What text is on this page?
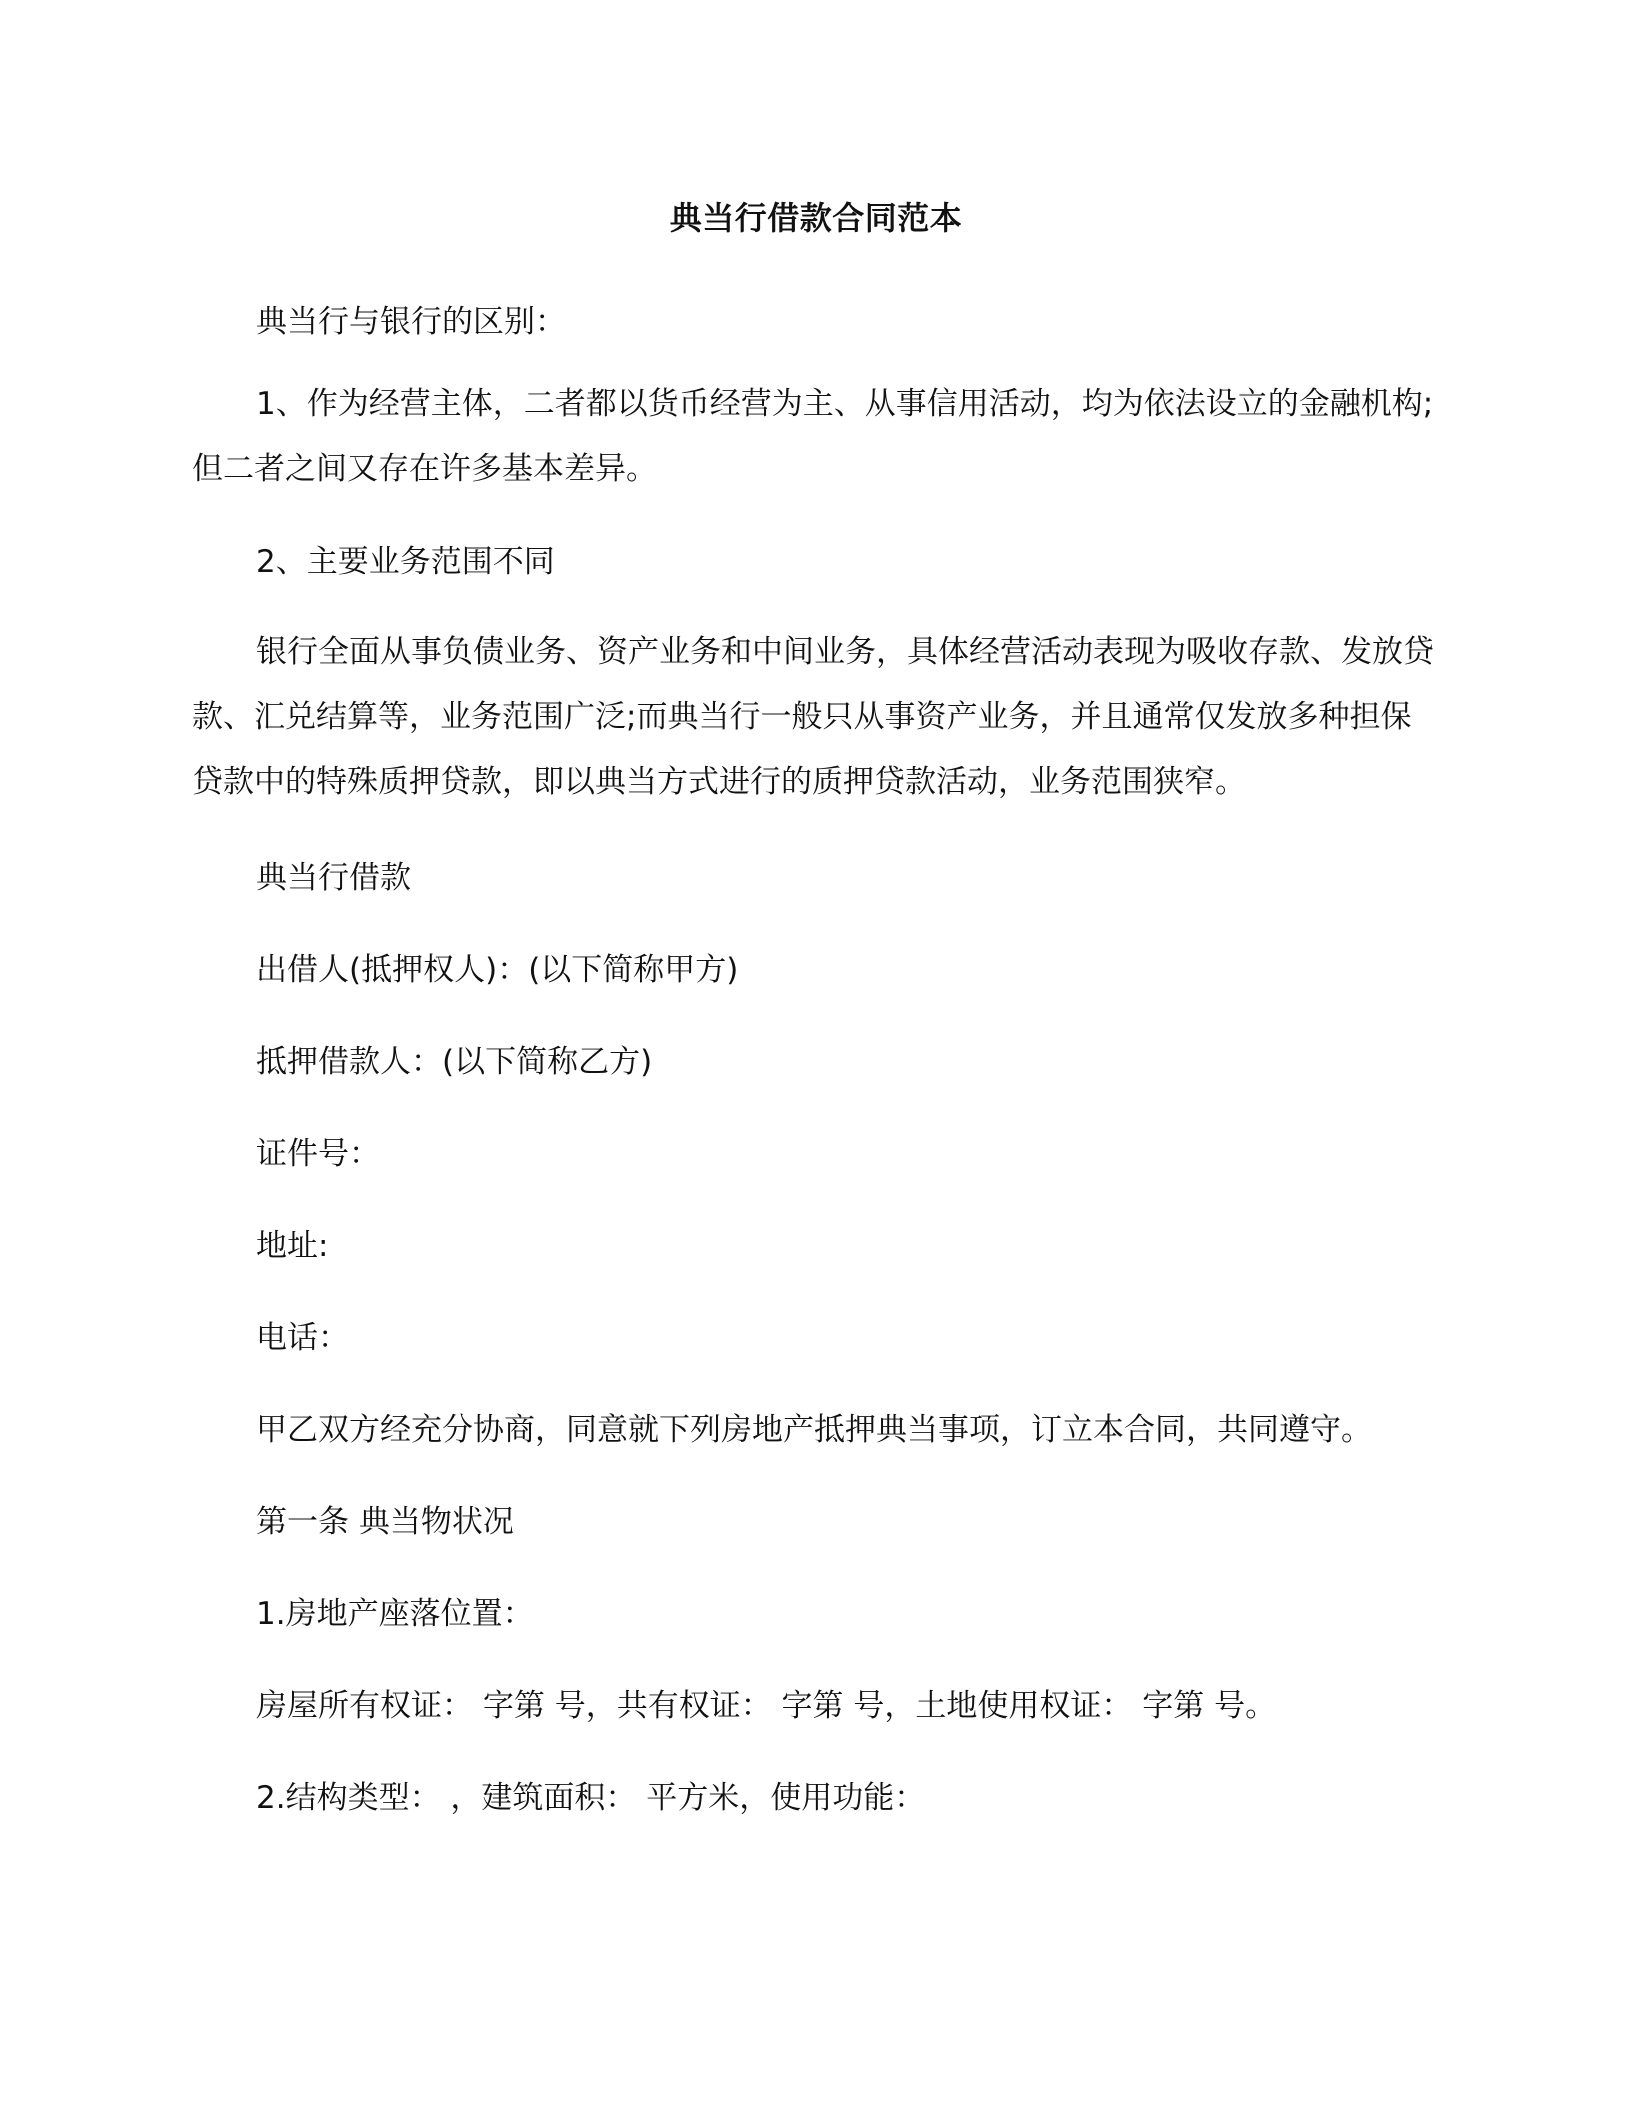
典当行借款合同范本

典当行与银行的区别：

1、作为经营主体，二者都以货币经营为主、从事信用活动，均为依法设立的金融机构;但二者之间又存在许多基本差异。

2、主要业务范围不同

银行全面从事负债业务、资产业务和中间业务，具体经营活动表现为吸收存款、发放贷款、汇兑结算等，业务范围广泛;而典当行一般只从事资产业务，并且通常仅发放多种担保贷款中的特殊质押贷款，即以典当方式进行的质押贷款活动，业务范围狭窄。

典当行借款

出借人(抵押权人)：(以下简称甲方)

抵押借款人：(以下简称乙方)

证件号：

地址:

电话：

甲乙双方经充分协商，同意就下列房地产抵押典当事项，订立本合同，共同遵守。

第一条 典当物状况

1.房地产座落位置：

房屋所有权证： 字第 号，共有权证： 字第 号，土地使用权证： 字第 号。

2.结构类型： ，建筑面积： 平方米，使用功能：
